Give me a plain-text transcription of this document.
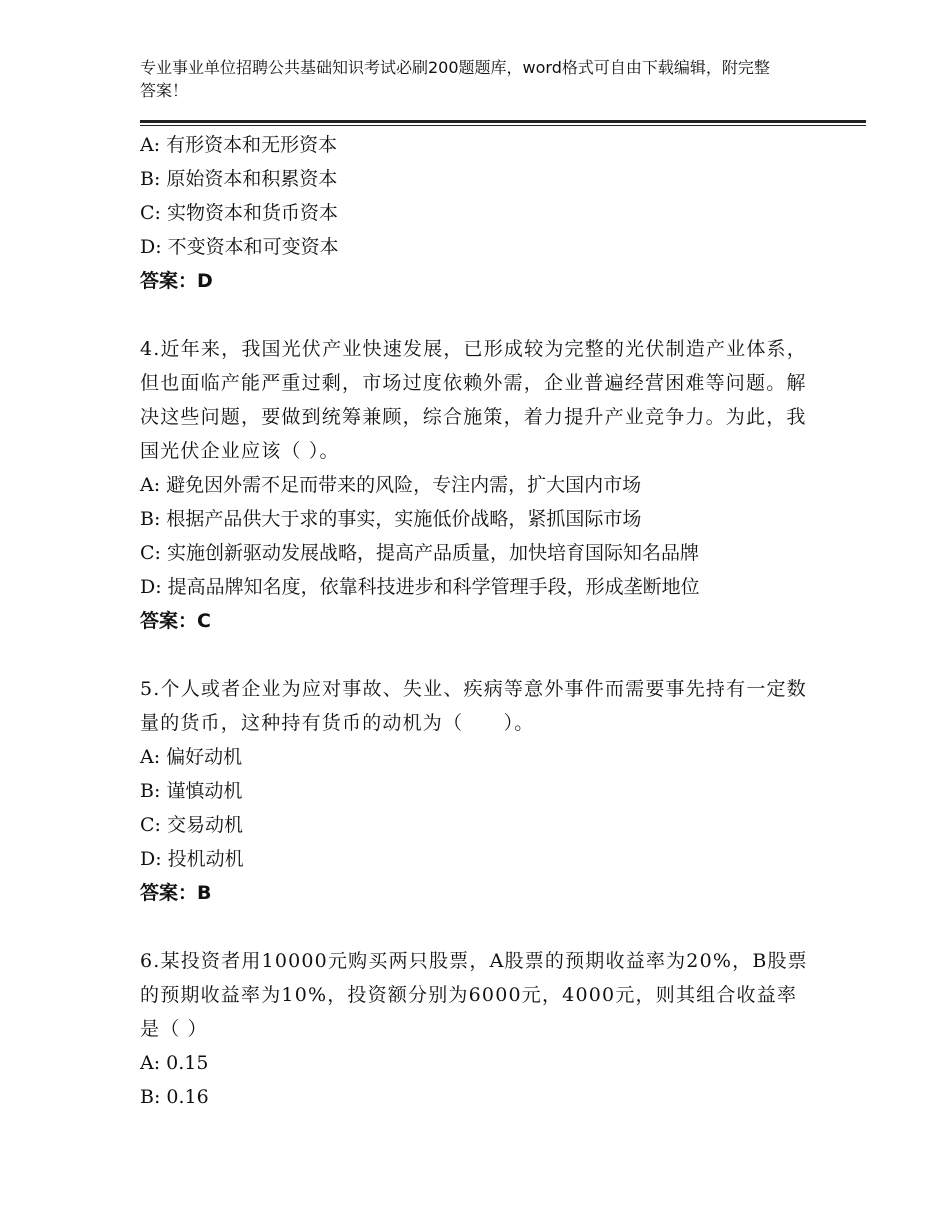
专业事业单位招聘公共基础知识考试必刷200题题库，word格式可自由下载编辑，附完整答案！
A: 有形资本和无形资本
B: 原始资本和积累资本
C: 实物资本和货币资本
D: 不变资本和可变资本
答案：D
4.近年来，我国光伏产业快速发展，已形成较为完整的光伏制造产业体系，但也面临产能严重过剩，市场过度依赖外需，企业普遍经营困难等问题。解决这些问题，要做到统筹兼顾，综合施策，着力提升产业竞争力。为此，我国光伏企业应该（ ）。
A: 避免因外需不足而带来的风险，专注内需，扩大国内市场
B: 根据产品供大于求的事实，实施低价战略，紧抓国际市场
C: 实施创新驱动发展战略，提高产品质量，加快培育国际知名品牌
D: 提高品牌知名度，依靠科技进步和科学管理手段，形成垄断地位
答案：C
5.个人或者企业为应对事故、失业、疾病等意外事件而需要事先持有一定数量的货币，这种持有货币的动机为（　　）。
A: 偏好动机
B: 谨慎动机
C: 交易动机
D: 投机动机
答案：B
6.某投资者用10000元购买两只股票，A股票的预期收益率为20%，B股票的预期收益率为10%，投资额分别为6000元，4000元，则其组合收益率是（ ）
A: 0.15
B: 0.16
